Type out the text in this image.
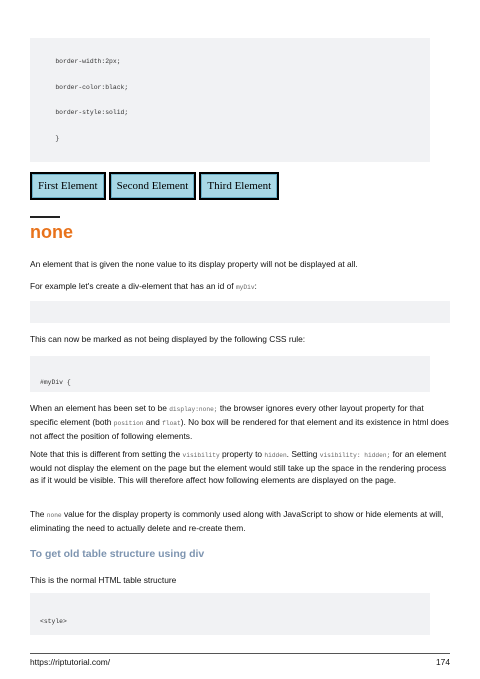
border-width:2px;

border-color:black;

border-style:solid;

}

First Element	Second Element	Third Element
none

An element that is given the none value to its display property will not be displayed at all.

For example let's create a div-element that has an id of myDiv:

This can now be marked as not being displayed by the following CSS rule:

#myDiv {

When an element has been set to be display:none; the browser ignores every other layout property for that specific element (both position and float). No box will be rendered for that element and its existence in html does not affect the position of following elements.

Note that this is different from setting the visibility property to hidden. Setting visibility: hidden; for an element would not display the element on the page but the element would still take up the space in the rendering process as if it would be visible. This will therefore affect how following elements are displayed on the page.

The none value for the display property is commonly used along with JavaScript to show or hide elements at will, eliminating the need to actually delete and re-create them.

To get old table structure using div

This is the normal HTML table structure

<style>

https://riptutorial.com/	174
